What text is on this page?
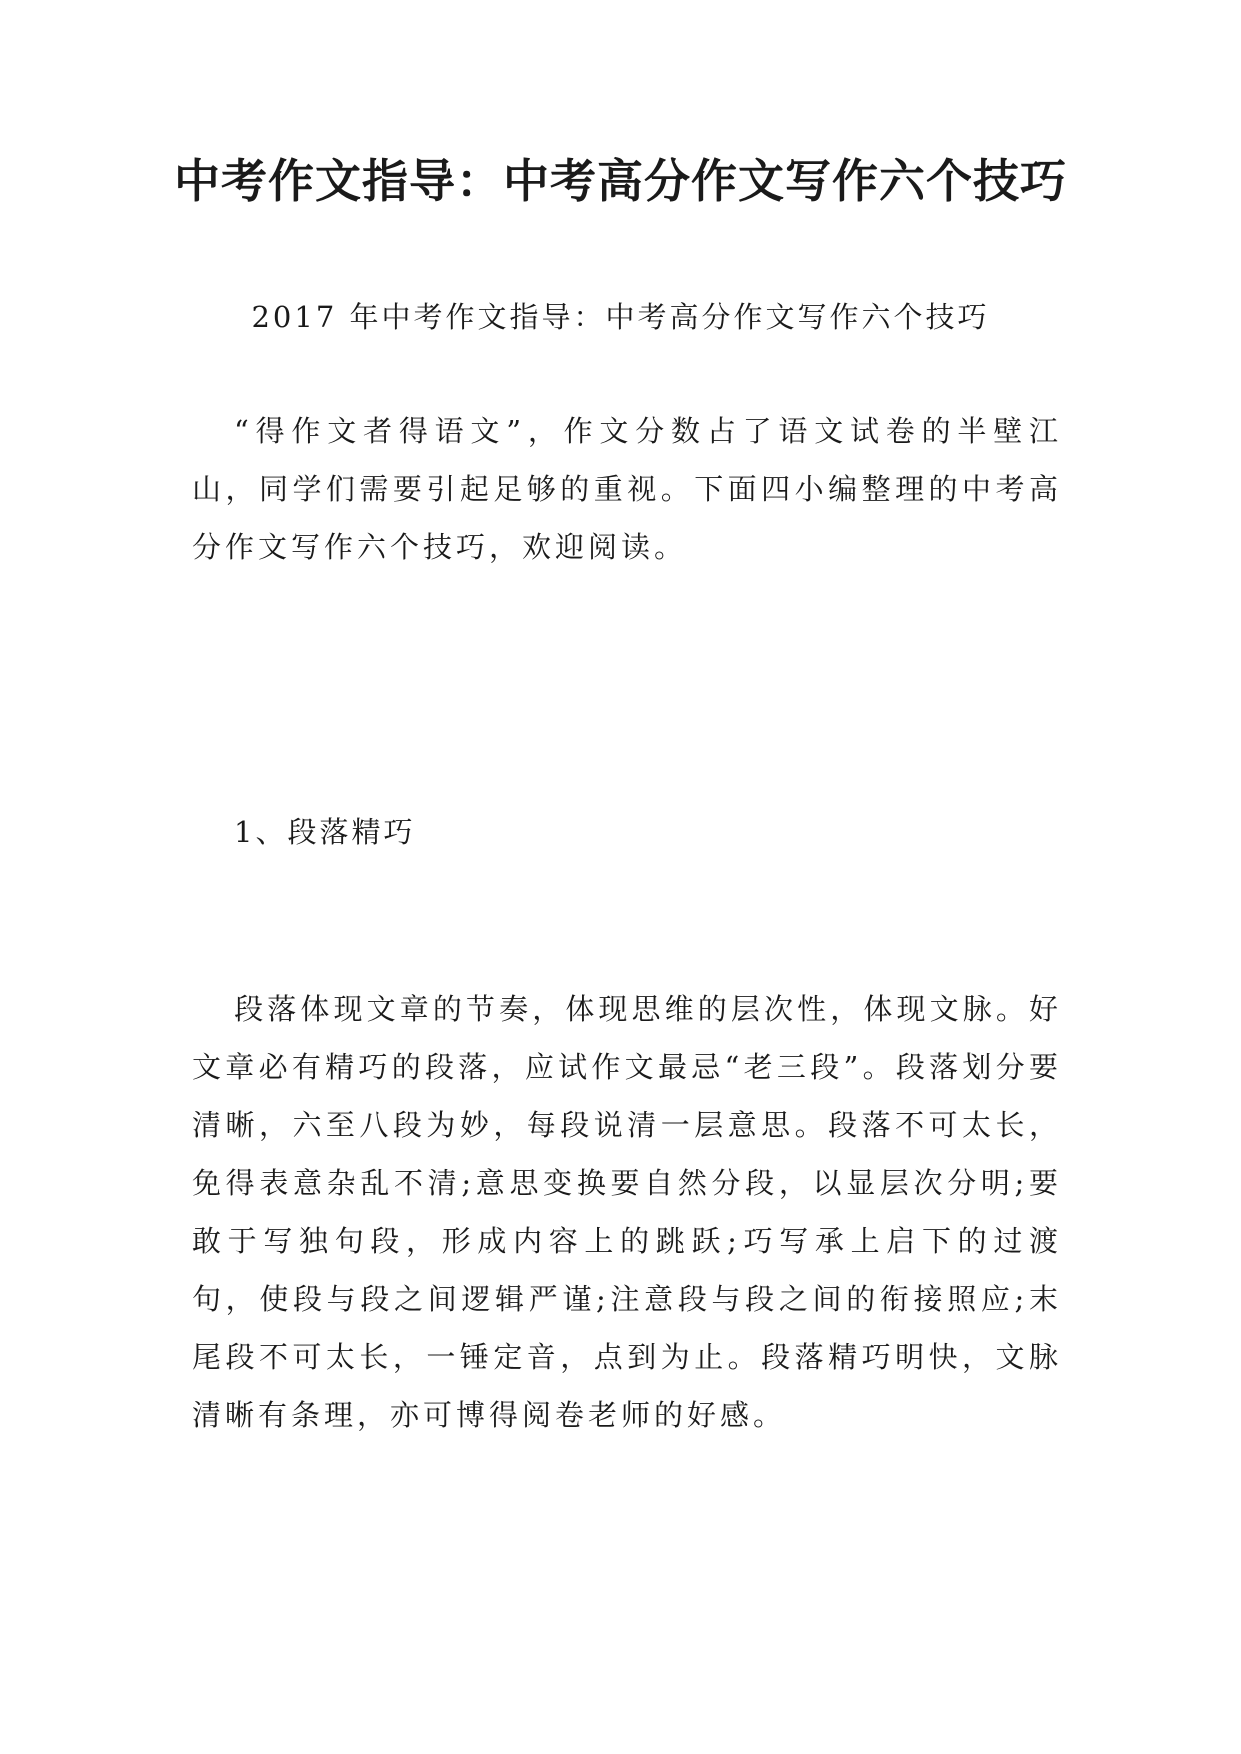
中考作文指导：中考高分作文写作六个技巧

2017 年中考作文指导：中考高分作文写作六个技巧

“得作文者得语文”，作文分数占了语文试卷的半壁江山，同学们需要引起足够的重视。下面四小编整理的中考高分作文写作六个技巧，欢迎阅读。

1、段落精巧

段落体现文章的节奏，体现思维的层次性，体现文脉。好文章必有精巧的段落，应试作文最忌“老三段”。段落划分要清晰，六至八段为妙，每段说清一层意思。段落不可太长，免得表意杂乱不清;意思变换要自然分段，以显层次分明;要敢于写独句段，形成内容上的跳跃;巧写承上启下的过渡句，使段与段之间逻辑严谨;注意段与段之间的衔接照应;末尾段不可太长，一锤定音，点到为止。段落精巧明快，文脉清晰有条理，亦可博得阅卷老师的好感。
